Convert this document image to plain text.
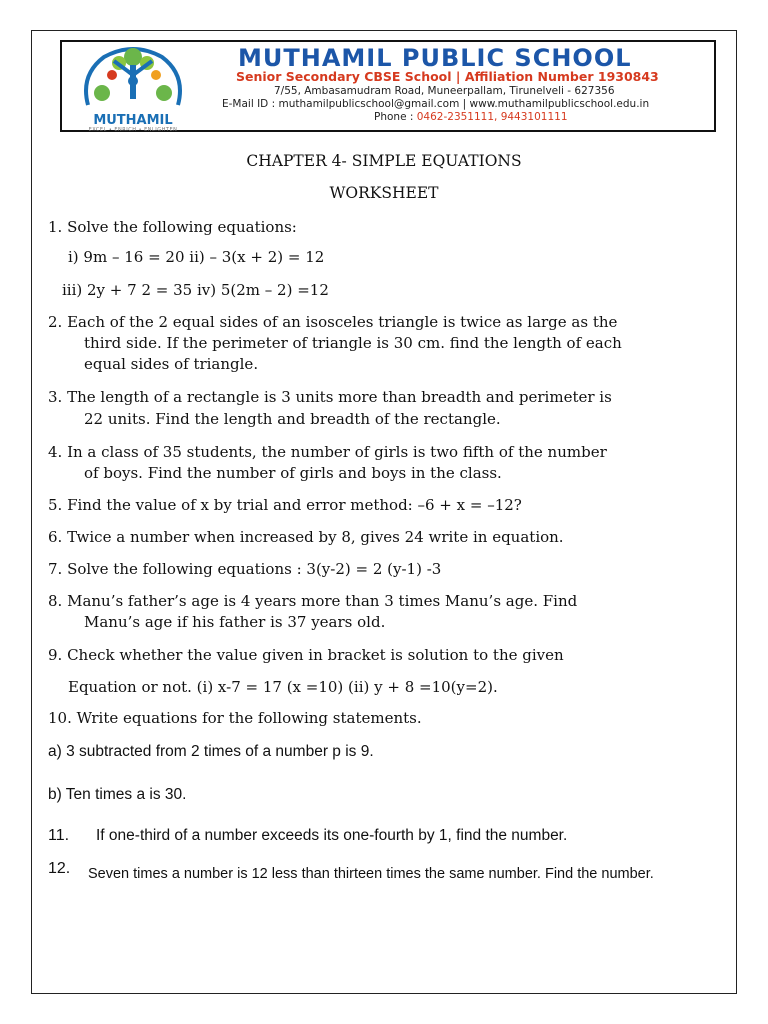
MUTHAMIL
EXCEL • ENRICH • ENLIGHTEN
MUTHAMIL PUBLIC SCHOOL
Senior Secondary CBSE School | Affiliation Number 1930843
7/55, Ambasamudram Road, Muneerpallam, Tirunelveli - 627356
E-Mail ID : muthamilpublicschool@gmail.com | www.muthamilpublicschool.edu.in
Phone : 0462-2351111, 9443101111
CHAPTER 4- SIMPLE EQUATIONS
WORKSHEET
1. Solve the following equations:
i) 9m – 16 = 20 ii) – 3(x + 2) = 12
iii) 2y + 7 2 = 35 iv) 5(2m – 2) =12
2. Each of the 2 equal sides of an isosceles triangle is twice as large as the
third side. If the perimeter of triangle is 30 cm. find the length of each
equal sides of triangle.
3. The length of a rectangle is 3 units more than breadth and perimeter is
22 units. Find the length and breadth of the rectangle.
4. In a class of 35 students, the number of girls is two fifth of the number
of boys. Find the number of girls and boys in the class.
5. Find the value of x by trial and error method: –6 + x = –12?
6. Twice a number when increased by 8, gives 24 write in equation.
7. Solve the following equations : 3(y-2) = 2 (y-1) -3
8. Manu’s father’s age is 4 years more than 3 times Manu’s age. Find
Manu’s age if his father is 37 years old.
9. Check whether the value given in bracket is solution to the given
Equation or not. (i) x-7 = 17 (x =10) (ii) y + 8 =10(y=2).
10. Write equations for the following statements.
a) 3 subtracted from 2 times of a number p is 9.
b) Ten times a is 30.
11. If one-third of a number exceeds its one-fourth by 1, find the number.
12. Seven times a number is 12 less than thirteen times the same number. Find the number.
